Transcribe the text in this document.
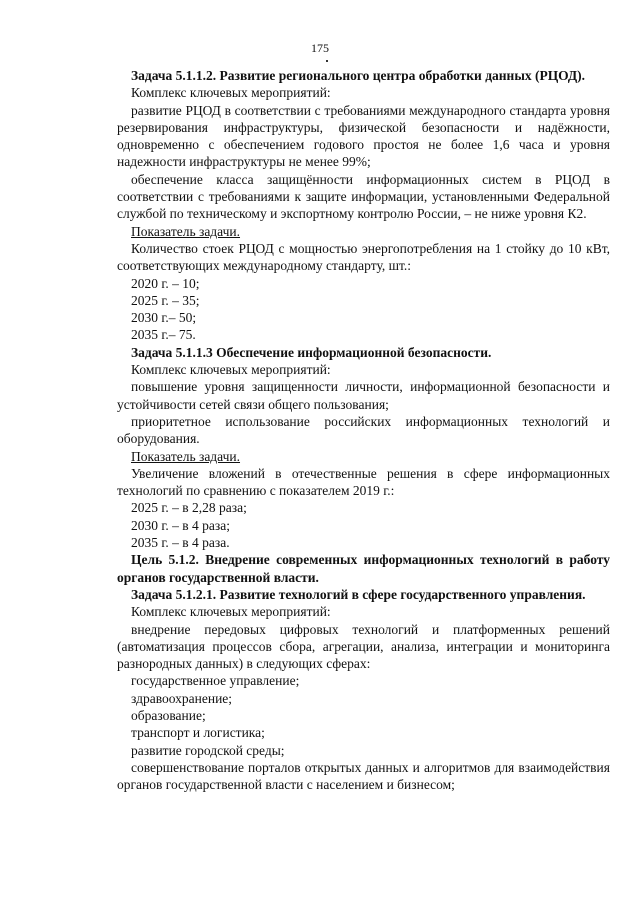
175

Задача 5.1.1.2. Развитие регионального центра обработки данных (РЦОД).

Комплекс ключевых мероприятий:

развитие РЦОД в соответствии с требованиями международного стандарта уровня резервирования инфраструктуры, физической безопасности и надёжности, одновременно с обеспечением годового простоя не более 1,6 часа и уровня надежности инфраструктуры не менее 99%;

обеспечение класса защищённости информационных систем в РЦОД в соответствии с требованиями к защите информации, установленными Федеральной службой по техническому и экспортному контролю России, – не ниже уровня К2.

Показатель задачи.

Количество стоек РЦОД с мощностью энергопотребления на 1 стойку до 10 кВт, соответствующих международному стандарту, шт.:

2020 г. – 10;

2025 г. – 35;

2030 г.– 50;

2035 г.– 75.

Задача 5.1.1.3 Обеспечение информационной безопасности.

Комплекс ключевых мероприятий:

повышение уровня защищенности личности, информационной безопасности и устойчивости сетей связи общего пользования;

приоритетное использование российских информационных технологий и оборудования.

Показатель задачи.

Увеличение вложений в отечественные решения в сфере информационных технологий по сравнению с показателем 2019 г.:

2025 г. – в 2,28 раза;

2030 г. – в 4 раза;

2035 г. – в 4 раза.

Цель 5.1.2. Внедрение современных информационных технологий в работу органов государственной власти.

Задача 5.1.2.1. Развитие технологий в сфере государственного управления.

Комплекс ключевых мероприятий:

внедрение передовых цифровых технологий и платформенных решений (автоматизация процессов сбора, агрегации, анализа, интеграции и мониторинга разнородных данных) в следующих сферах:

государственное управление;

здравоохранение;

образование;

транспорт и логистика;

развитие городской среды;

совершенствование порталов открытых данных и алгоритмов для взаимодействия органов государственной власти с населением и бизнесом;
